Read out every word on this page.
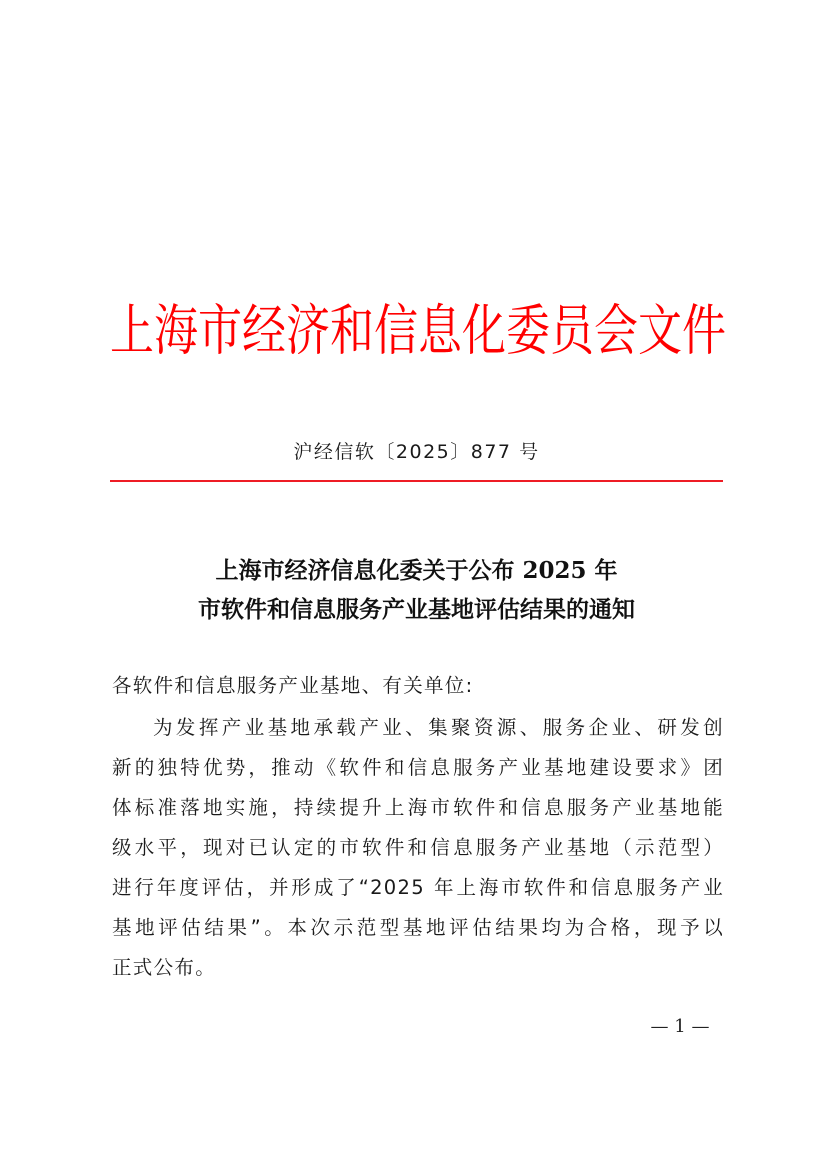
上海市经济和信息化委员会文件
沪经信软〔2025〕877 号
上海市经济信息化委关于公布 2025 年
市软件和信息服务产业基地评估结果的通知
各软件和信息服务产业基地、有关单位:
为发挥产业基地承载产业、集聚资源、服务企业、研发创
新的独特优势，推动《软件和信息服务产业基地建设要求》团
体标准落地实施，持续提升上海市软件和信息服务产业基地能
级水平，现对已认定的市软件和信息服务产业基地（示范型）
进行年度评估，并形成了“2025 年上海市软件和信息服务产业
基地评估结果”。本次示范型基地评估结果均为合格，现予以
正式公布。
— 1 —
